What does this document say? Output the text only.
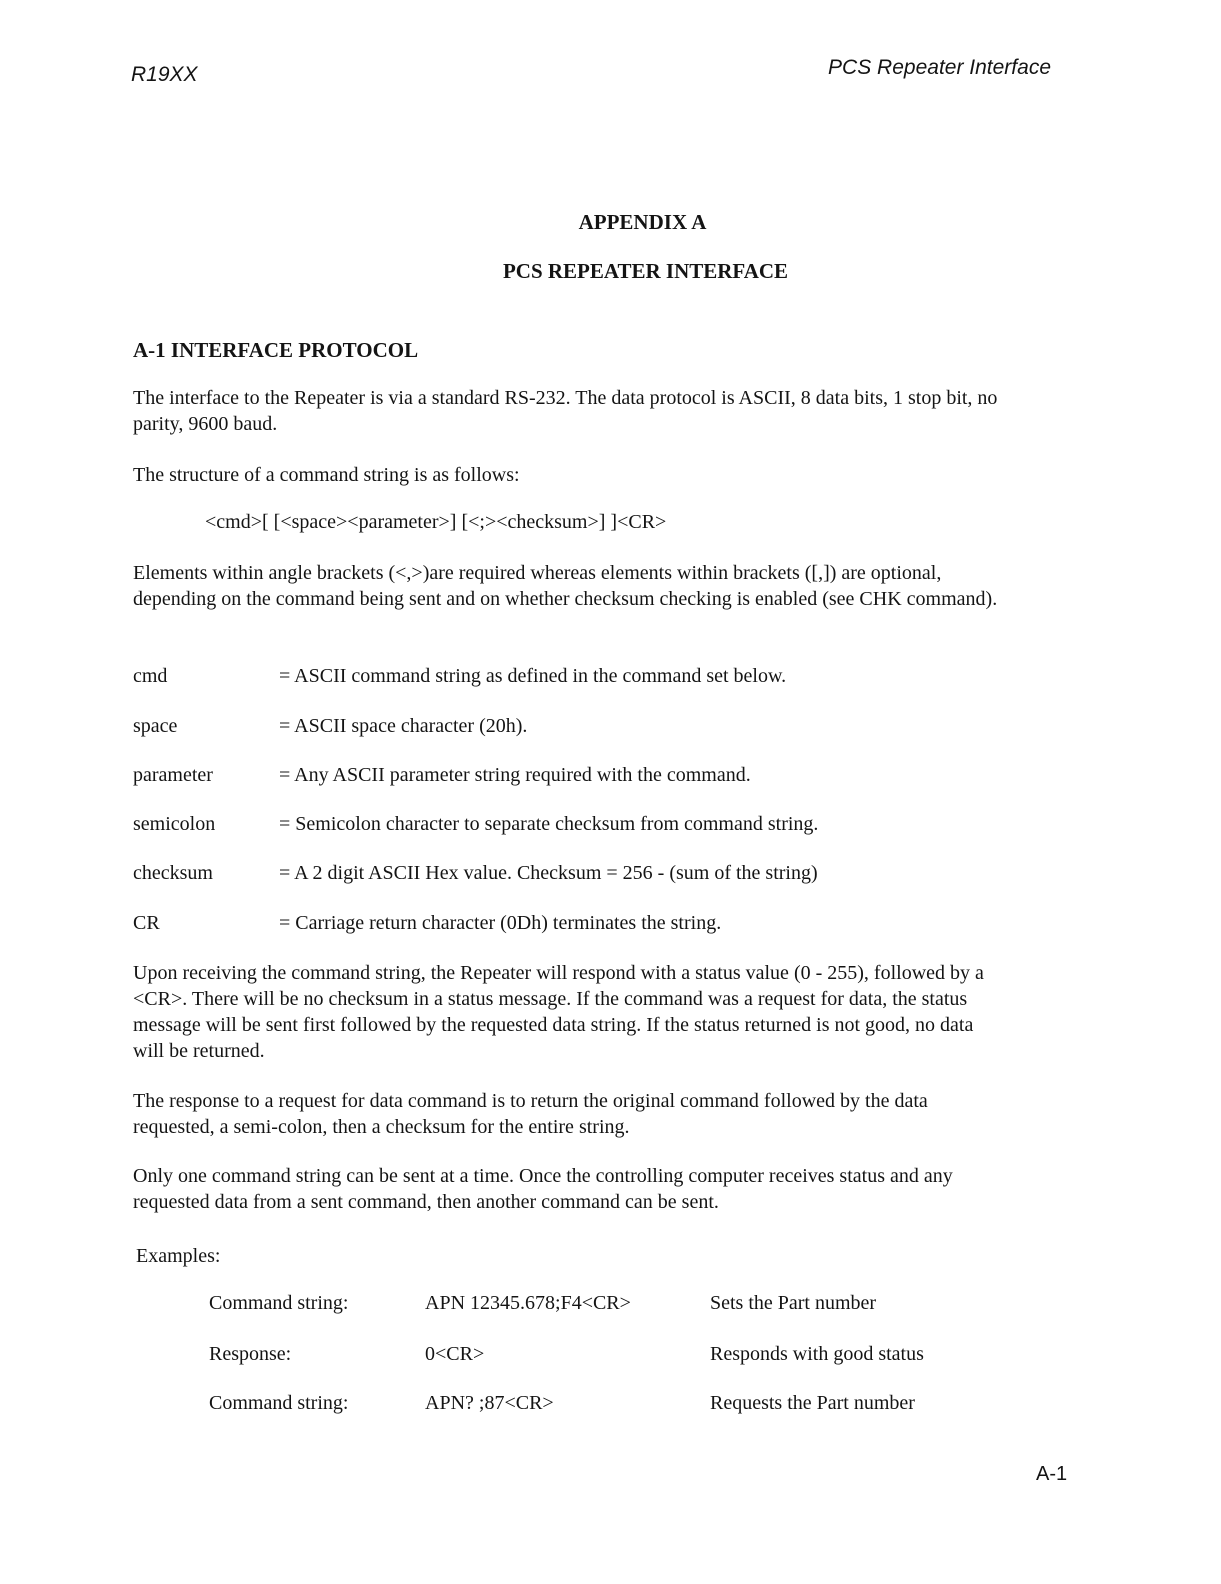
R19XX	PCS Repeater Interface
APPENDIX A
PCS REPEATER INTERFACE
A-1 INTERFACE PROTOCOL

The interface to the Repeater is via a standard RS-232. The data protocol is ASCII, 8 data bits, 1 stop bit, no parity, 9600 baud.

The structure of a command string is as follows:

<cmd>[ [<space><parameter>] [<;><checksum>] ]<CR>

Elements within angle brackets (<,>)are required whereas elements within brackets ([,]) are optional, depending on the command being sent and on whether checksum checking is enabled (see CHK command).

cmd	= ASCII command string as defined in the command set below.
space	= ASCII space character (20h).
parameter	= Any ASCII parameter string required with the command.
semicolon	= Semicolon character to separate checksum from command string.
checksum	= A 2 digit ASCII Hex value. Checksum = 256 - (sum of the string)
CR	= Carriage return character (0Dh) terminates the string.

Upon receiving the command string, the Repeater will respond with a status value (0 - 255), followed by a <CR>. There will be no checksum in a status message. If the command was a request for data, the status message will be sent first followed by the requested data string. If the status returned is not good, no data will be returned.

The response to a request for data command is to return the original command followed by the data requested, a semi-colon, then a checksum for the entire string.

Only one command string can be sent at a time. Once the controlling computer receives status and any requested data from a sent command, then another command can be sent.

Examples:
Command string:	APN 12345.678;F4<CR>	Sets the Part number
Response:	0<CR>	Responds with good status
Command string:	APN? ;87<CR>	Requests the Part number
A-1
